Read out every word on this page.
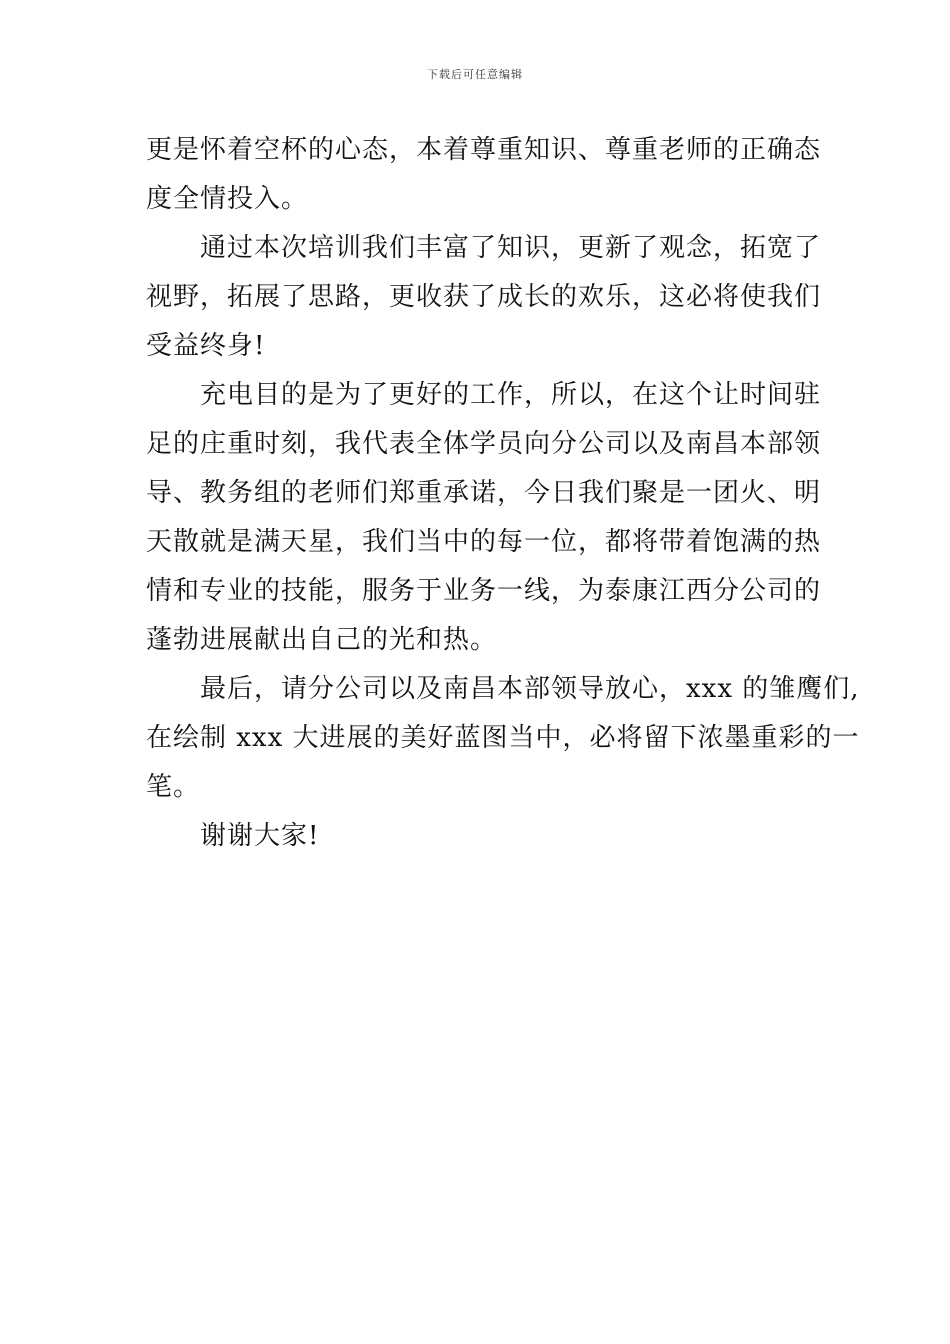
下载后可任意编辑
更是怀着空杯的心态，本着尊重知识、尊重老师的正确态
度全情投入。
通过本次培训我们丰富了知识，更新了观念，拓宽了
视野，拓展了思路，更收获了成长的欢乐，这必将使我们
受益终身!
充电目的是为了更好的工作，所以，在这个让时间驻
足的庄重时刻，我代表全体学员向分公司以及南昌本部领
导、教务组的老师们郑重承诺，今日我们聚是一团火、明
天散就是满天星，我们当中的每一位，都将带着饱满的热
情和专业的技能，服务于业务一线，为泰康江西分公司的
蓬勃进展献出自己的光和热。
最后，请分公司以及南昌本部领导放心，xxx 的雏鹰们,
在绘制 xxx 大进展的美好蓝图当中，必将留下浓墨重彩的一
笔。
谢谢大家!
